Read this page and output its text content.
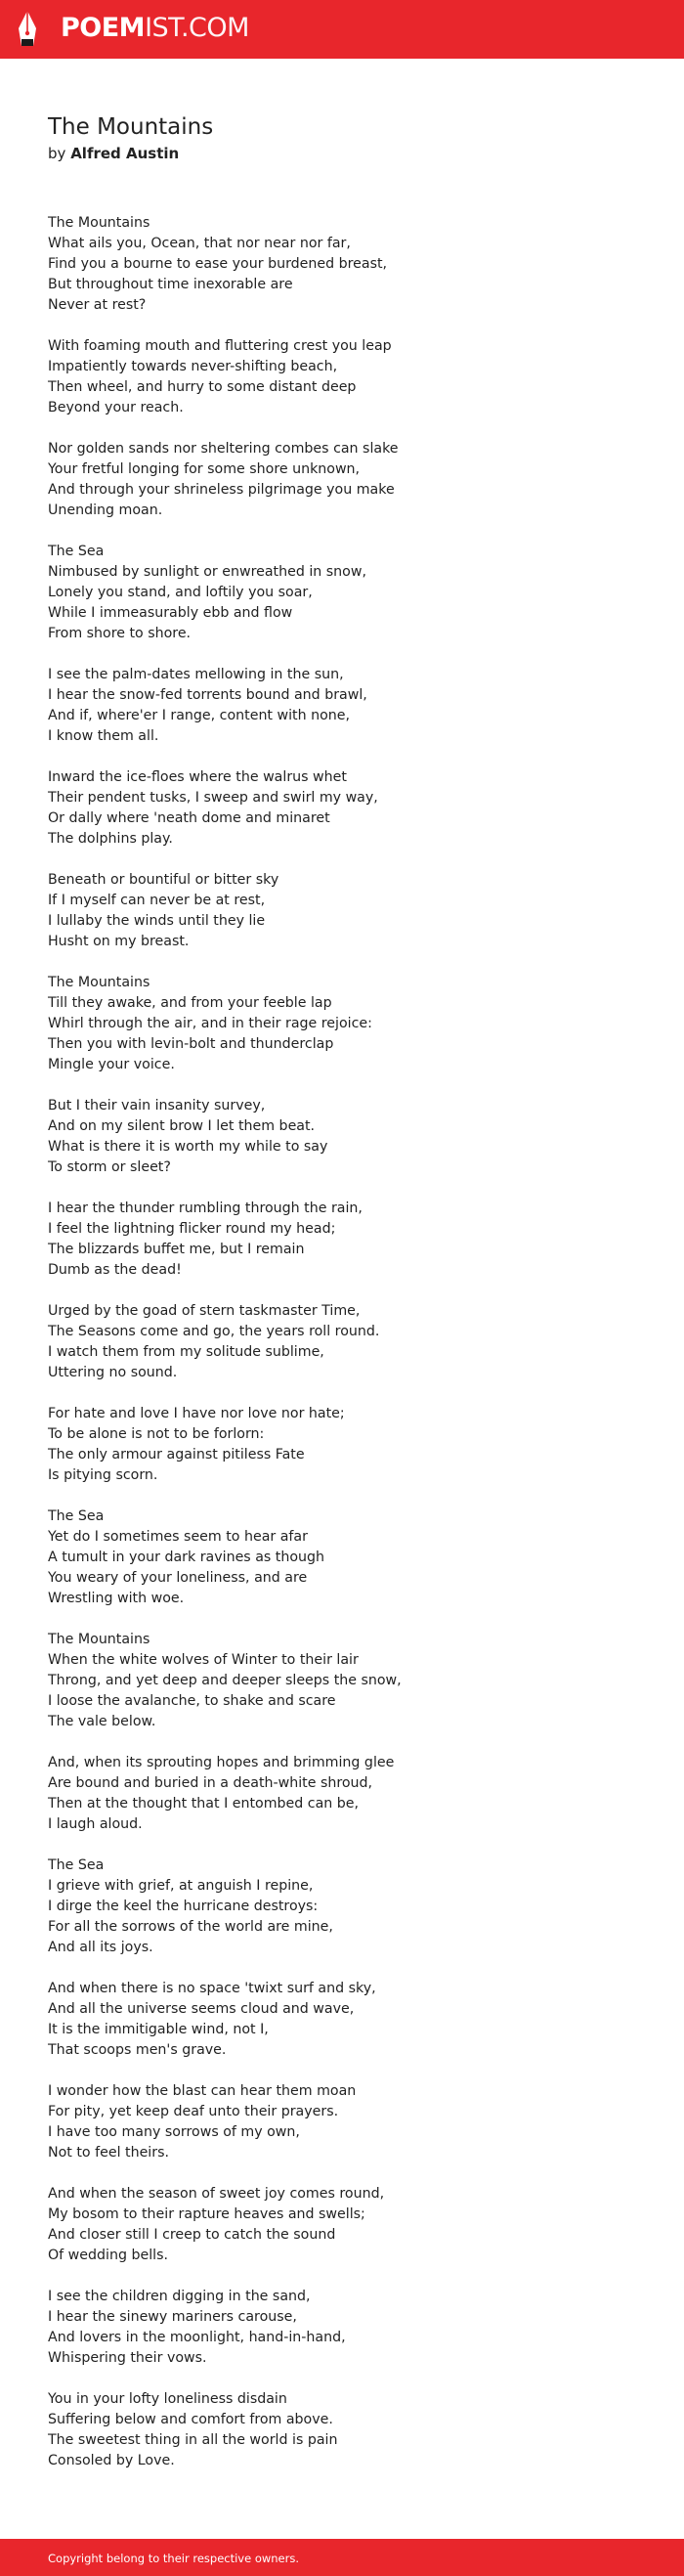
POEMIST.COM
The Mountains
by Alfred Austin
The Mountains
What ails you, Ocean, that nor near nor far,
Find you a bourne to ease your burdened breast,
But throughout time inexorable are
Never at rest?
With foaming mouth and fluttering crest you leap
Impatiently towards never-shifting beach,
Then wheel, and hurry to some distant deep
Beyond your reach.
Nor golden sands nor sheltering combes can slake
Your fretful longing for some shore unknown,
And through your shrineless pilgrimage you make
Unending moan.
The Sea
Nimbused by sunlight or enwreathed in snow,
Lonely you stand, and loftily you soar,
While I immeasurably ebb and flow
From shore to shore.
I see the palm-dates mellowing in the sun,
I hear the snow-fed torrents bound and brawl,
And if, where'er I range, content with none,
I know them all.
Inward the ice-floes where the walrus whet
Their pendent tusks, I sweep and swirl my way,
Or dally where 'neath dome and minaret
The dolphins play.
Beneath or bountiful or bitter sky
If I myself can never be at rest,
I lullaby the winds until they lie
Husht on my breast.
The Mountains
Till they awake, and from your feeble lap
Whirl through the air, and in their rage rejoice:
Then you with levin-bolt and thunderclap
Mingle your voice.
But I their vain insanity survey,
And on my silent brow I let them beat.
What is there it is worth my while to say
To storm or sleet?
I hear the thunder rumbling through the rain,
I feel the lightning flicker round my head;
The blizzards buffet me, but I remain
Dumb as the dead!
Urged by the goad of stern taskmaster Time,
The Seasons come and go, the years roll round.
I watch them from my solitude sublime,
Uttering no sound.
For hate and love I have nor love nor hate;
To be alone is not to be forlorn:
The only armour against pitiless Fate
Is pitying scorn.
The Sea
Yet do I sometimes seem to hear afar
A tumult in your dark ravines as though
You weary of your loneliness, and are
Wrestling with woe.
The Mountains
When the white wolves of Winter to their lair
Throng, and yet deep and deeper sleeps the snow,
I loose the avalanche, to shake and scare
The vale below.
And, when its sprouting hopes and brimming glee
Are bound and buried in a death-white shroud,
Then at the thought that I entombed can be,
I laugh aloud.
The Sea
I grieve with grief, at anguish I repine,
I dirge the keel the hurricane destroys:
For all the sorrows of the world are mine,
And all its joys.
And when there is no space 'twixt surf and sky,
And all the universe seems cloud and wave,
It is the immitigable wind, not I,
That scoops men's grave.
I wonder how the blast can hear them moan
For pity, yet keep deaf unto their prayers.
I have too many sorrows of my own,
Not to feel theirs.
And when the season of sweet joy comes round,
My bosom to their rapture heaves and swells;
And closer still I creep to catch the sound
Of wedding bells.
I see the children digging in the sand,
I hear the sinewy mariners carouse,
And lovers in the moonlight, hand-in-hand,
Whispering their vows.
You in your lofty loneliness disdain
Suffering below and comfort from above.
The sweetest thing in all the world is pain
Consoled by Love.
Copyright belong to their respective owners.
